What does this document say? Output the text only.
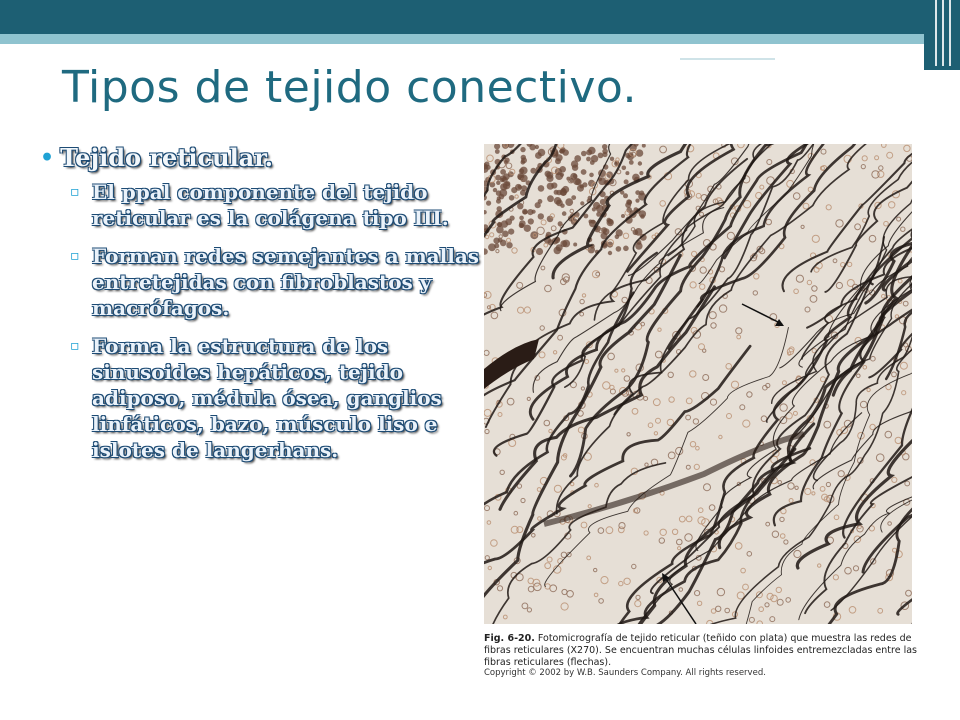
Tipos de tejido conectivo.
• Tejido reticular.
▫ El ppal componente del tejido reticular es la colágena tipo III.
▫ Forman redes semejantes a mallas entretejidas con fibroblastos y macrófagos.
▫ Forma la estructura de los sinusoides hepáticos, tejido adiposo, médula ósea, ganglios linfáticos, bazo, músculo liso e islotes de langerhans.
Fig. 6-20. Fotomicrografía de tejido reticular (teñido con plata) que muestra las redes de fibras reticulares (X270). Se encuentran muchas células linfoides entremezcladas entre las fibras reticulares (flechas).
Copyright © 2002 by W.B. Saunders Company. All rights reserved.
